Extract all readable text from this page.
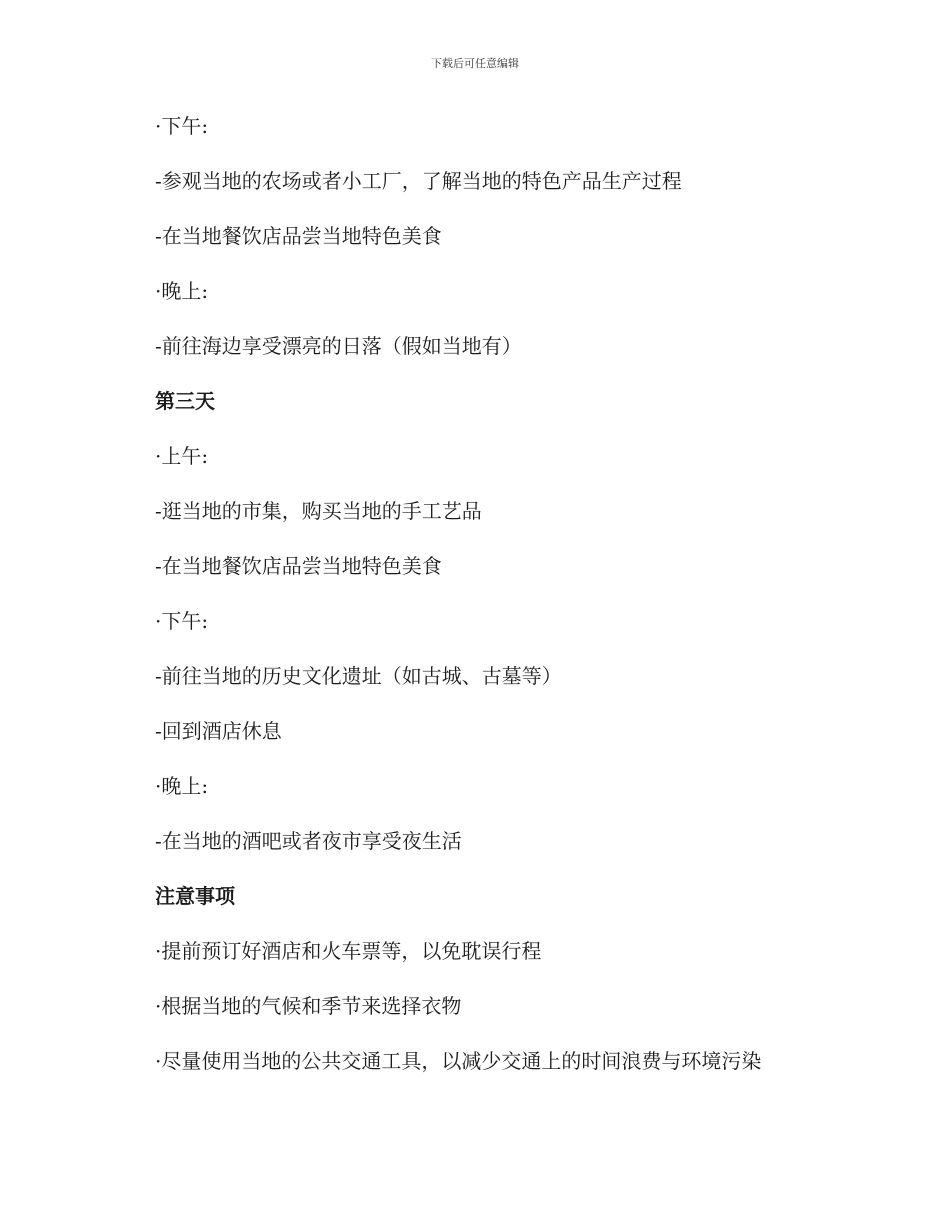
下载后可任意编辑
·下午:
-参观当地的农场或者小工厂，了解当地的特色产品生产过程
-在当地餐饮店品尝当地特色美食
·晚上:
-前往海边享受漂亮的日落（假如当地有）
第三天
·上午:
-逛当地的市集，购买当地的手工艺品
-在当地餐饮店品尝当地特色美食
·下午:
-前往当地的历史文化遗址（如古城、古墓等）
-回到酒店休息
·晚上:
-在当地的酒吧或者夜市享受夜生活
注意事项
·提前预订好酒店和火车票等，以免耽误行程
·根据当地的气候和季节来选择衣物
·尽量使用当地的公共交通工具，以减少交通上的时间浪费与环境污染
